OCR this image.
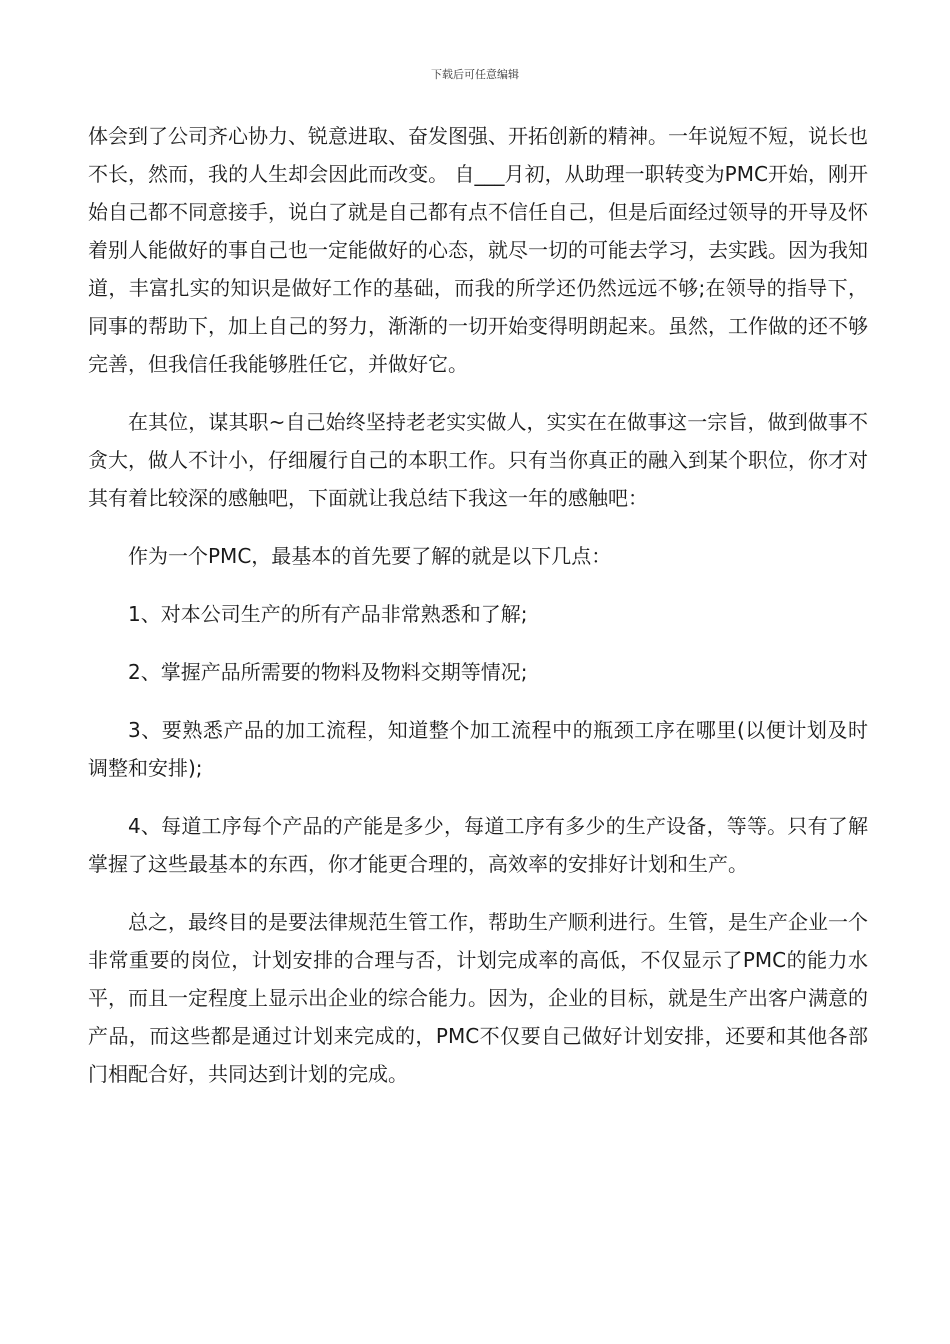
下载后可任意编辑

体会到了公司齐心协力、锐意进取、奋发图强、开拓创新的精神。一年说短不短，说长也不长，然而，我的人生却会因此而改变。 自___月初，从助理一职转变为PMC开始，刚开始自己都不同意接手，说白了就是自己都有点不信任自己，但是后面经过领导的开导及怀着别人能做好的事自己也一定能做好的心态，就尽一切的可能去学习，去实践。因为我知道，丰富扎实的知识是做好工作的基础，而我的所学还仍然远远不够;在领导的指导下，同事的帮助下，加上自己的努力，渐渐的一切开始变得明朗起来。虽然，工作做的还不够完善，但我信任我能够胜任它，并做好它。

在其位，谋其职~自己始终坚持老老实实做人，实实在在做事这一宗旨，做到做事不贪大，做人不计小，仔细履行自己的本职工作。只有当你真正的融入到某个职位，你才对其有着比较深的感触吧，下面就让我总结下我这一年的感触吧：

作为一个PMC，最基本的首先要了解的就是以下几点：

1、对本公司生产的所有产品非常熟悉和了解;

2、掌握产品所需要的物料及物料交期等情况;

3、要熟悉产品的加工流程，知道整个加工流程中的瓶颈工序在哪里(以便计划及时调整和安排);

4、每道工序每个产品的产能是多少，每道工序有多少的生产设备，等等。只有了解掌握了这些最基本的东西，你才能更合理的，高效率的安排好计划和生产。

总之，最终目的是要法律规范生管工作，帮助生产顺利进行。生管，是生产企业一个非常重要的岗位，计划安排的合理与否，计划完成率的高低，不仅显示了PMC的能力水平，而且一定程度上显示出企业的综合能力。因为，企业的目标，就是生产出客户满意的产品，而这些都是通过计划来完成的，PMC不仅要自己做好计划安排，还要和其他各部门相配合好，共同达到计划的完成。
